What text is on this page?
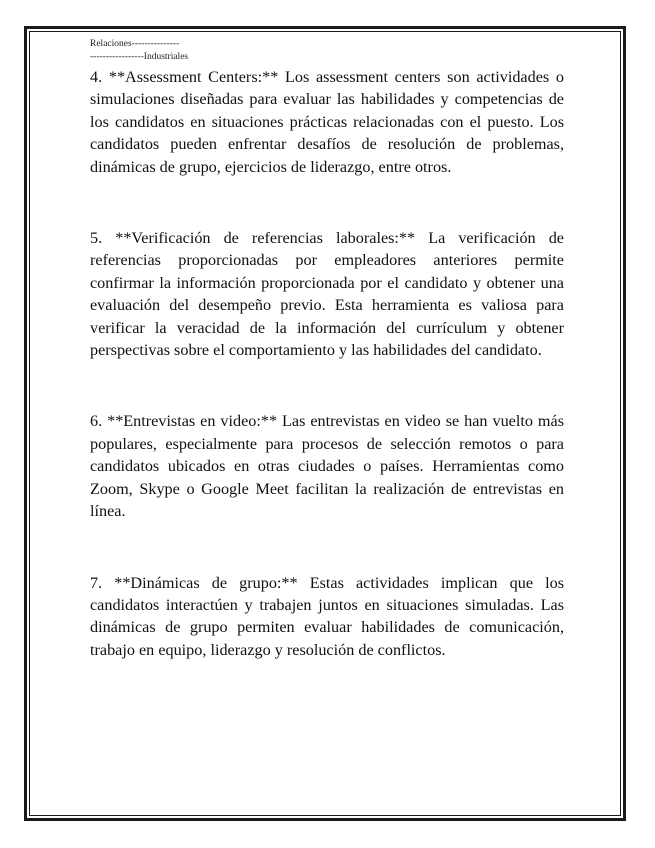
Relaciones---------------
-----------------Industriales

4. **Assessment Centers:** Los assessment centers son actividades o simulaciones diseñadas para evaluar las habilidades y competencias de los candidatos en situaciones prácticas relacionadas con el puesto. Los candidatos pueden enfrentar desafíos de resolución de problemas, dinámicas de grupo, ejercicios de liderazgo, entre otros.

5. **Verificación de referencias laborales:** La verificación de referencias proporcionadas por empleadores anteriores permite confirmar la información proporcionada por el candidato y obtener una evaluación del desempeño previo. Esta herramienta es valiosa para verificar la veracidad de la información del currículum y obtener perspectivas sobre el comportamiento y las habilidades del candidato.

6. **Entrevistas en video:** Las entrevistas en video se han vuelto más populares, especialmente para procesos de selección remotos o para candidatos ubicados en otras ciudades o países. Herramientas como Zoom, Skype o Google Meet facilitan la realización de entrevistas en línea.

7. **Dinámicas de grupo:** Estas actividades implican que los candidatos interactúen y trabajen juntos en situaciones simuladas. Las dinámicas de grupo permiten evaluar habilidades de comunicación, trabajo en equipo, liderazgo y resolución de conflictos.
